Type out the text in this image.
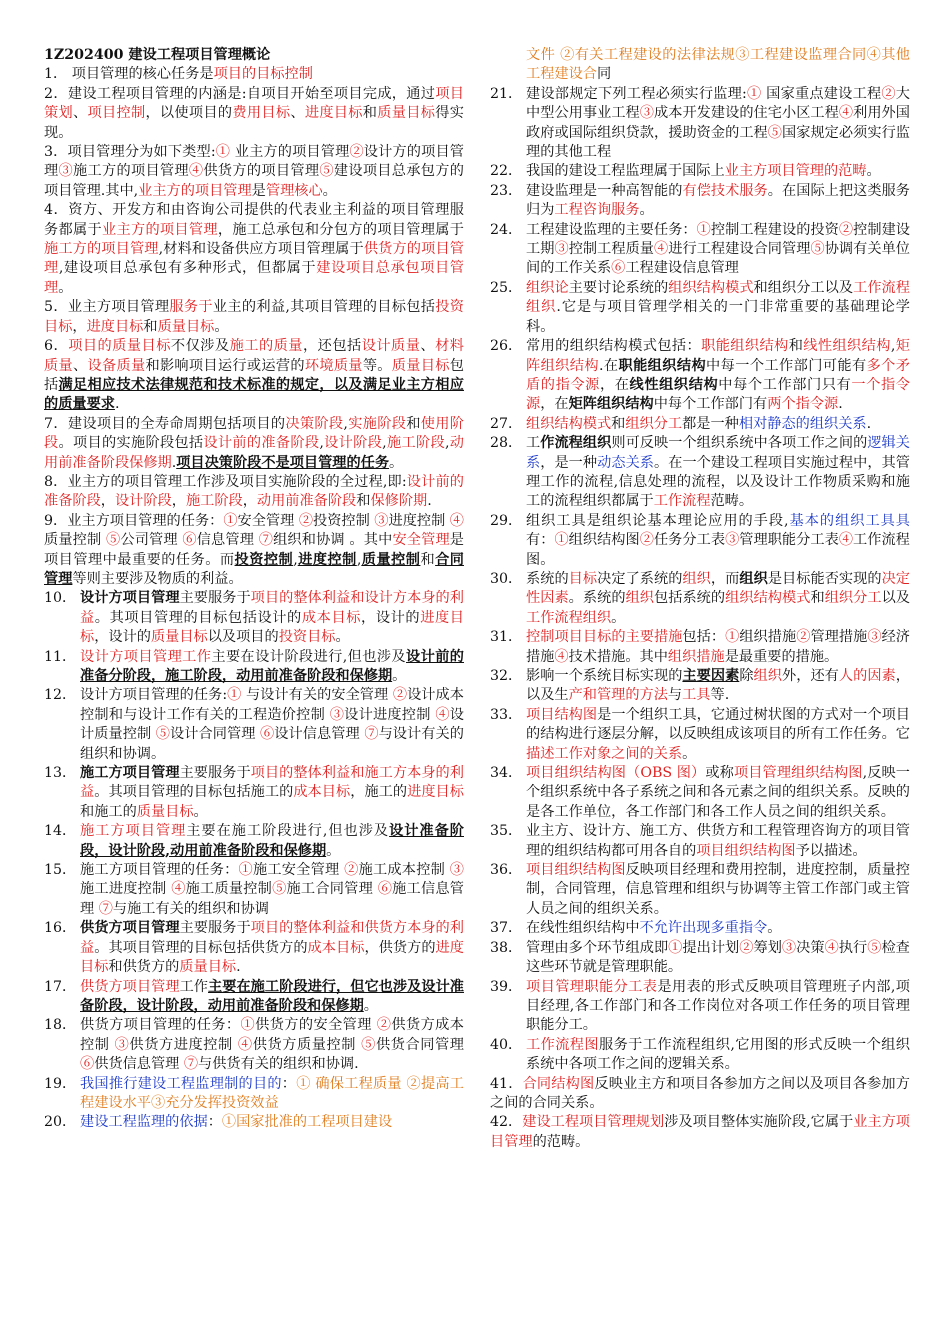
1Z202400 建设工程项目管理概论
1． 项目管理的核心任务是项目的目标控制
2．建设工程项目管理的内涵是:自项目开始至项目完成，通过项目策划、项目控制，以使项目的费用目标、进度目标和质量目标得实现。
3．项目管理分为如下类型:① 业主方的项目管理②设计方的项目管理③施工方的项目管理④供货方的项目管理⑤建设项目总承包方的项目管理.其中,业主方的项目管理是管理核心。
4．资方、开发方和由咨询公司提供的代表业主利益的项目管理服务都属于业主方的项目管理，施工总承包和分包方的项目管理属于施工方的项目管理,材料和设备供应方项目管理属于供货方的项目管理,建设项目总承包有多种形式，但都属于建设项目总承包项目管理。
5．业主方项目管理服务于业主的利益,其项目管理的目标包括投资目标，进度目标和质量目标。
6．项目的质量目标不仅涉及施工的质量，还包括设计质量、材料质量、设备质量和影响项目运行或运营的环境质量等。质量目标包括满足相应技术法律规范和技术标准的规定，以及满足业主方相应的质量要求.
7．建设项目的全寿命周期包括项目的决策阶段,实施阶段和使用阶段。项目的实施阶段包括设计前的准备阶段,设计阶段,施工阶段,动用前准备阶段保修期.项目决策阶段不是项目管理的任务。
8．业主方的项目管理工作涉及项目实施阶段的全过程,即:设计前的准备阶段，设计阶段，施工阶段，动用前准备阶段和保修阶期.
9．业主方项目管理的任务：①安全管理 ②投资控制 ③进度控制 ④质量控制 ⑤公司管理 ⑥信息管理 ⑦组织和协调 。其中安全管理是项目管理中最重要的任务。而投资控制,进度控制,质量控制和合同管理等则主要涉及物质的利益。
10． 设计方项目管理主要服务于项目的整体利益和设计方本身的利益。其项目管理的目标包括设计的成本目标，设计的进度目标，设计的质量目标以及项目的投资目标。
11． 设计方项目管理工作主要在设计阶段进行,但也涉及设计前的准备分阶段，施工阶段，动用前准备阶段和保修期。
12． 设计方项目管理的任务:① 与设计有关的安全管理 ②设计成本控制和与设计工作有关的工程造价控制 ③设计进度控制 ④设计质量控制 ⑤设计合同管理 ⑥设计信息管理 ⑦与设计有关的组织和协调。
13． 施工方项目管理主要服务于项目的整体利益和施工方本身的利益。其项目管理的目标包括施工的成本目标，施工的进度目标和施工的质量目标。
14． 施工方项目管理主要在施工阶段进行,但也涉及设计准备阶段，设计阶段,动用前准备阶段和保修期。
15． 施工方项目管理的任务：①施工安全管理 ②施工成本控制 ③施工进度控制 ④施工质量控制⑤施工合同管理 ⑥施工信息管理 ⑦与施工有关的组织和协调
16． 供货方项目管理主要服务于项目的整体利益和供货方本身的利益。其项目管理的目标包括供货方的成本目标，供货方的进度目标和供货方的质量目标.
17． 供货方项目管理工作主要在施工阶段进行，但它也涉及设计准备阶段，设计阶段，动用前准备阶段和保修期。
18． 供货方项目管理的任务：①供货方的安全管理 ②供货方成本控制 ③供货方进度控制 ④供货方质量控制 ⑤供货合同管理 ⑥供货信息管理 ⑦与供货有关的组织和协调.
19． 我国推行建设工程监理制的目的：① 确保工程质量 ②提高工程建设水平③充分发挥投资效益
20． 建设工程监理的依据：①国家批准的工程项目建设
文件 ②有关工程建设的法律法规③工程建设监理合同④其他工程建设合同
21． 建设部规定下列工程必须实行监理:① 国家重点建设工程②大中型公用事业工程③成本开发建设的住宅小区工程④利用外国政府或国际组织贷款，援助资金的工程⑤国家规定必须实行监理的其他工程
22． 我国的建设工程监理属于国际上业主方项目管理的范畴。
23． 建设监理是一种高智能的有偿技术服务。在国际上把这类服务归为工程咨询服务。
24． 工程建设监理的主要任务：①控制工程建设的投资②控制建设工期③控制工程质量④进行工程建设合同管理⑤协调有关单位间的工作关系⑥工程建设信息管理
25． 组织论主要讨论系统的组织结构模式和组织分工以及工作流程组织.它是与项目管理学相关的一门非常重要的基础理论学科。
26． 常用的组织结构模式包括：职能组织结构和线性组织结构,矩阵组织结构.在职能组织结构中每一个工作部门可能有多个矛盾的指令源，在线性组织结构中每个工作部门只有一个指令源，在矩阵组织结构中每个工作部门有两个指令源.
27． 组织结构模式和组织分工都是一种相对静态的组织关系.
28． 工作流程组织则可反映一个组织系统中各项工作之间的逻辑关系，是一种动态关系。在一个建设工程项目实施过程中，其管理工作的流程,信息处理的流程，以及设计工作物质采购和施工的流程组织都属于工作流程范畴。
29． 组织工具是组织论基本理论应用的手段,基本的组织工具具有：①组织结构图②任务分工表③管理职能分工表④工作流程图。
30． 系统的目标决定了系统的组织，而组织是目标能否实现的决定性因素。系统的组织包括系统的组织结构模式和组织分工以及工作流程组织。
31． 控制项目目标的主要措施包括：①组织措施②管理措施③经济措施④技术措施。其中组织措施是最重要的措施。
32． 影响一个系统目标实现的主要因素除组织外，还有人的因素，以及生产和管理的方法与工具等.
33． 项目结构图是一个组织工具，它通过树状图的方式对一个项目的结构进行逐层分解，以反映组成该项目的所有工作任务。它描述工作对象之间的关系。
34． 项目组织结构图（OBS 图）或称项目管理组织结构图,反映一个组织系统中各子系统之间和各元素之间的组织关系。反映的是各工作单位，各工作部门和各工作人员之间的组织关系。
35． 业主方、设计方、施工方、供货方和工程管理咨询方的项目管理的组织结构都可用各自的项目组织结构图予以描述。
36． 项目组织结构图反映项目经理和费用控制，进度控制，质量控制，合同管理，信息管理和组织与协调等主管工作部门或主管人员之间的组织关系。
37． 在线性组织结构中不允许出现多重指令。
38． 管理由多个环节组成即①提出计划②筹划③决策④执行⑤检查 这些环节就是管理职能。
39． 项目管理职能分工表是用表的形式反映项目管理班子内部,项目经理,各工作部门和各工作岗位对各项工作任务的项目管理职能分工。
40． 工作流程图服务于工作流程组织,它用图的形式反映一个组织系统中各项工作之间的逻辑关系。
41．合同结构图反映业主方和项目各参加方之间以及项目各参加方之间的合同关系。
42．建设工程项目管理规划涉及项目整体实施阶段,它属于业主方项目管理的范畴。
